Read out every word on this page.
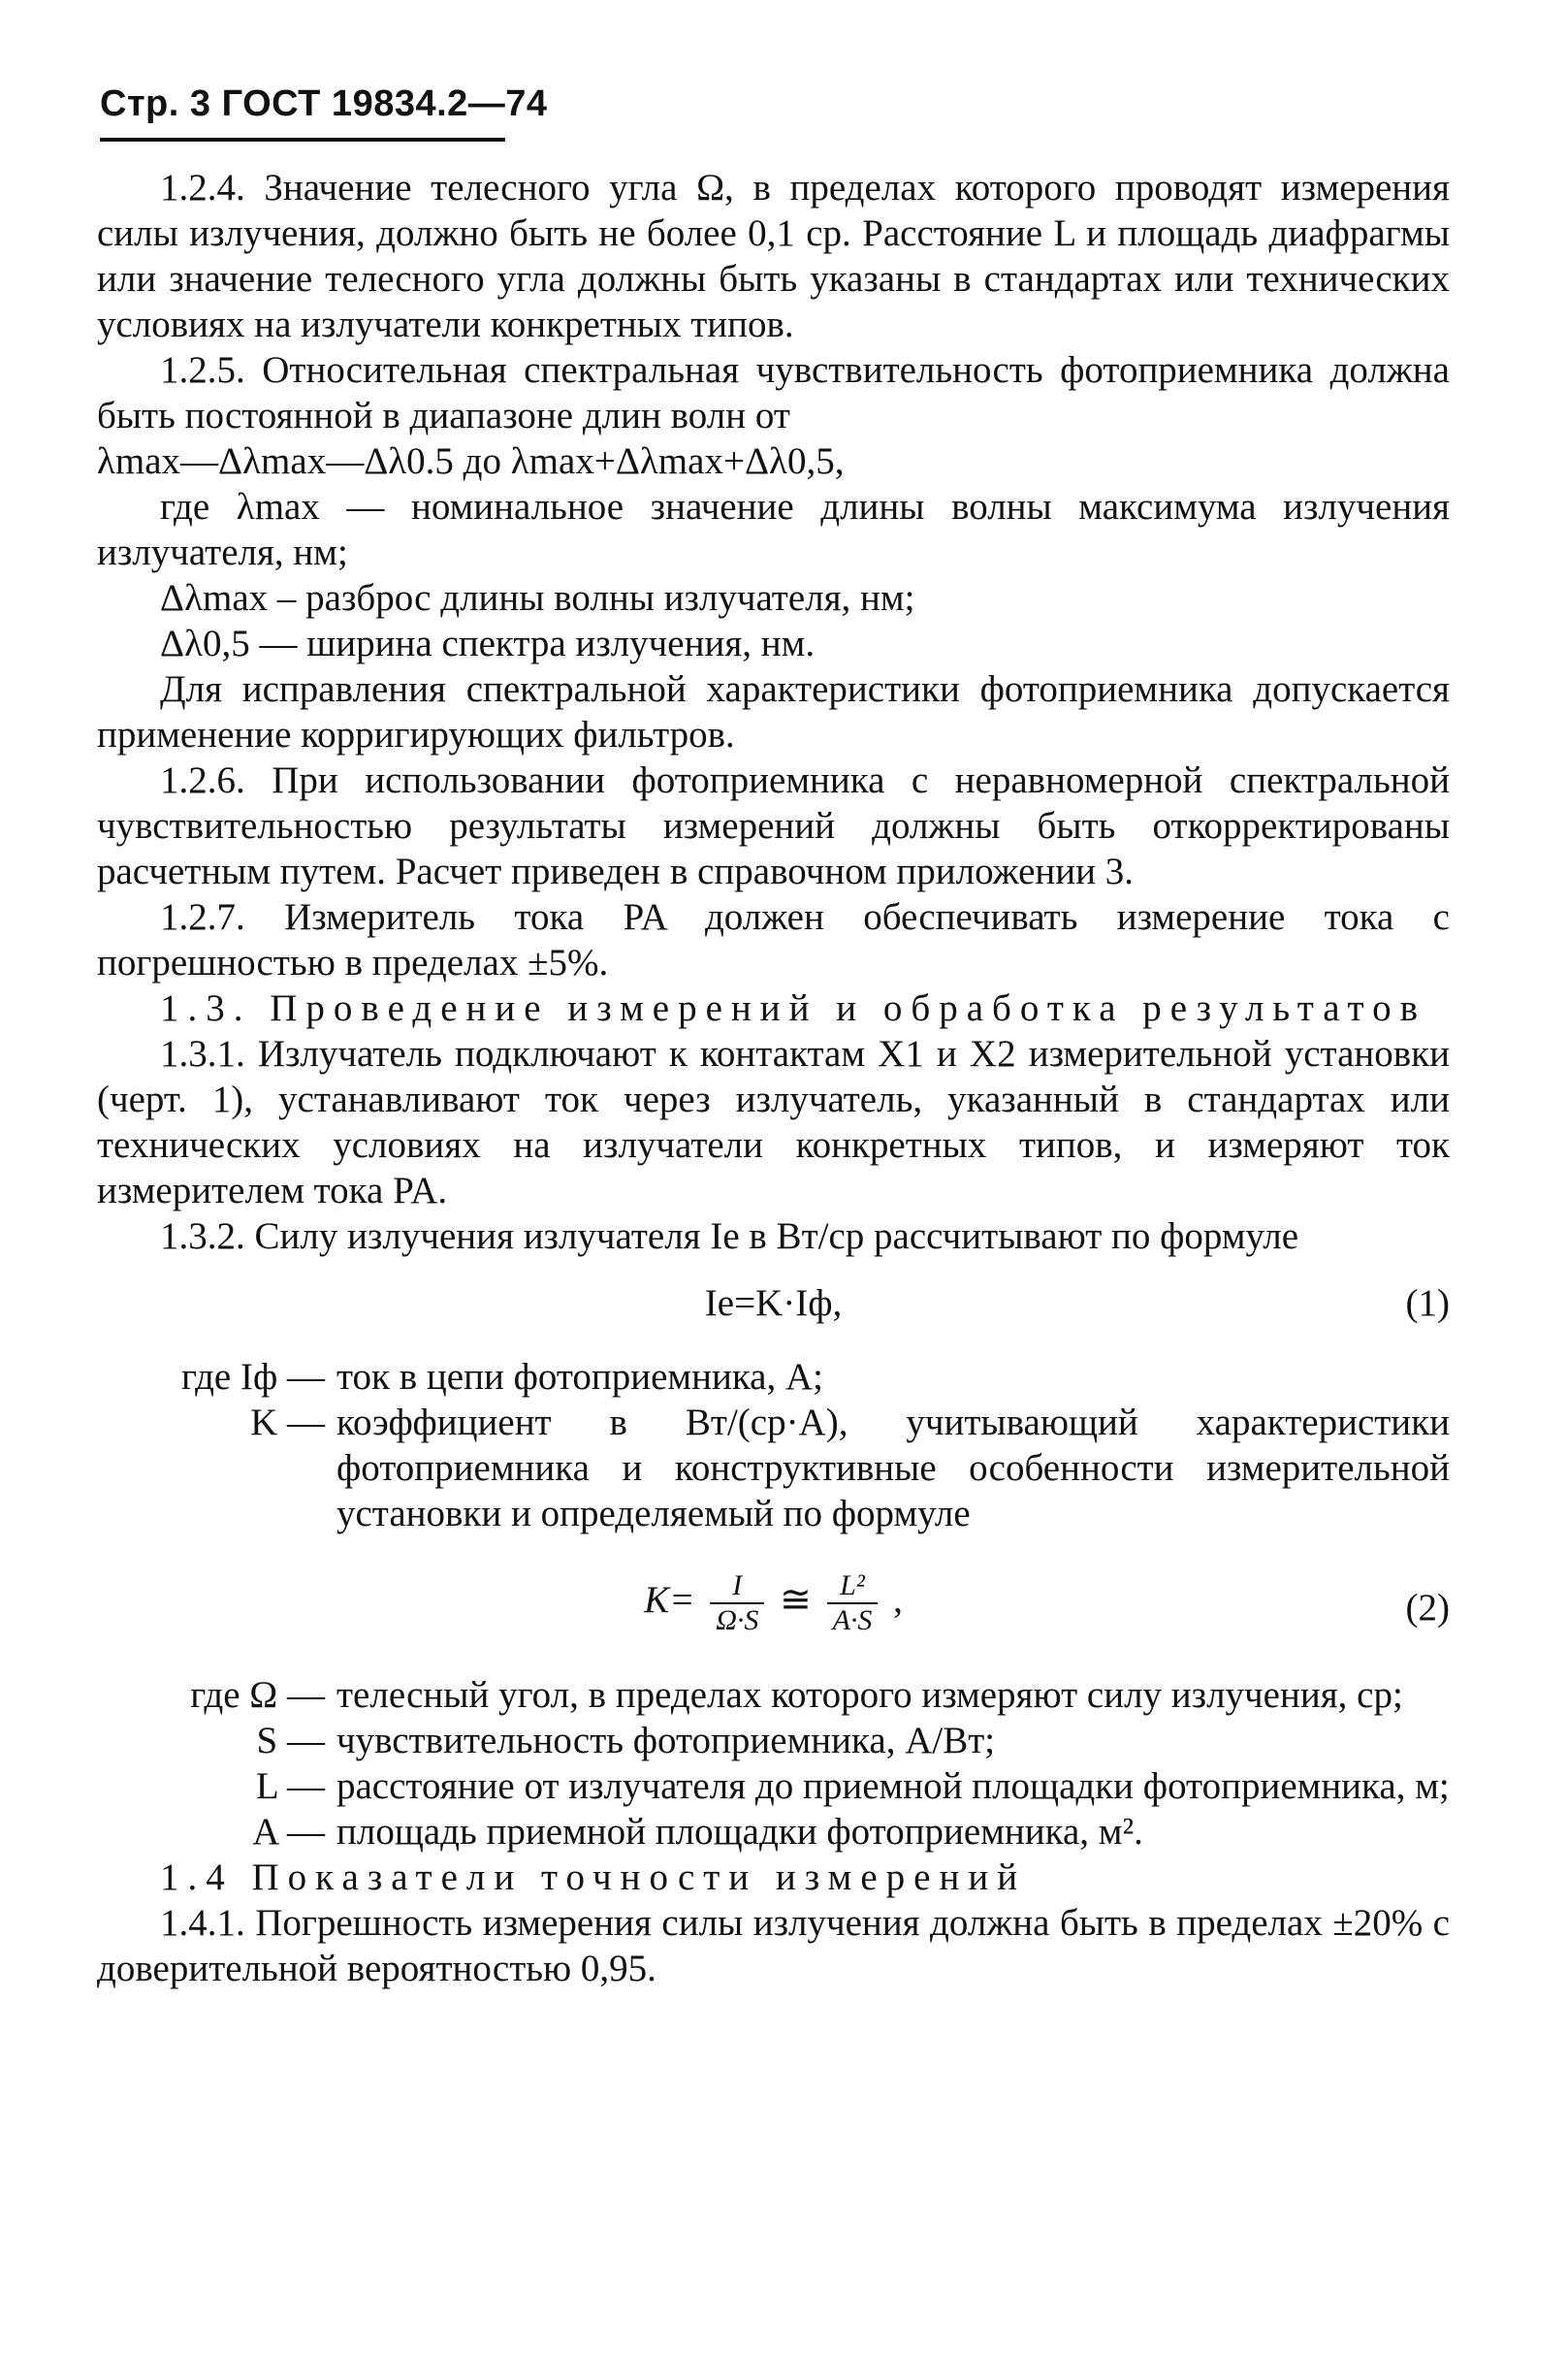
Стр. 3 ГОСТ 19834.2—74

1.2.4. Значение телесного угла Ω, в пределах которого проводят измерения силы излучения, должно быть не более 0,1 ср. Расстояние L и площадь диафрагмы или значение телесного угла должны быть указаны в стандартах или технических условиях на излучатели конкретных типов.

1.2.5. Относительная спектральная чувствительность фотоприемника должна быть постоянной в диапазоне длин волн от

λmax—Δλmax—Δλ0.5 до λmax+Δλmax+Δλ0,5,

где λmax — номинальное значение длины волны максимума излучения излучателя, нм;

Δλmax – разброс длины волны излучателя, нм;

Δλ0,5 — ширина спектра излучения, нм.

Для исправления спектральной характеристики фотоприемника допускается применение корригирующих фильтров.

1.2.6. При использовании фотоприемника с неравномерной спектральной чувствительностью результаты измерений должны быть откорректированы расчетным путем. Расчет приведен в справочном приложении 3.

1.2.7. Измеритель тока PA должен обеспечивать измерение тока с погрешностью в пределах ±5%.

1.3. Проведение измерений и обработка результатов

1.3.1. Излучатель подключают к контактам X1 и X2 измерительной установки (черт. 1), устанавливают ток через излучатель, указанный в стандартах или технических условиях на излучатели конкретных типов, и измеряют ток измерителем тока PA.

1.3.2. Силу излучения излучателя Ie в Вт/ср рассчитывают по формуле

Ie=K·Iф,	(1)
где Iф — ток в цепи фотоприемника, А;
K — коэффициент в Вт/(ср·А), учитывающий характеристики фотоприемника и конструктивные особенности измерительной установки и определяемый по формуле
$K= \frac{I}{\Omega\cdot S}$ ≅ $\frac{\text{L²}}{A\cdot S}$ ,	(2)
где Ω — телесный угол, в пределах которого измеряют силу излучения, ср;
S — чувствительность фотоприемника, А/Вт;
L — расстояние от излучателя до приемной площадки фотоприемника, м;
A — площадь приемной площадки фотоприемника, м².

1.4 Показатели точности измерений

1.4.1. Погрешность измерения силы излучения должна быть в пределах ±20% с доверительной вероятностью 0,95.
